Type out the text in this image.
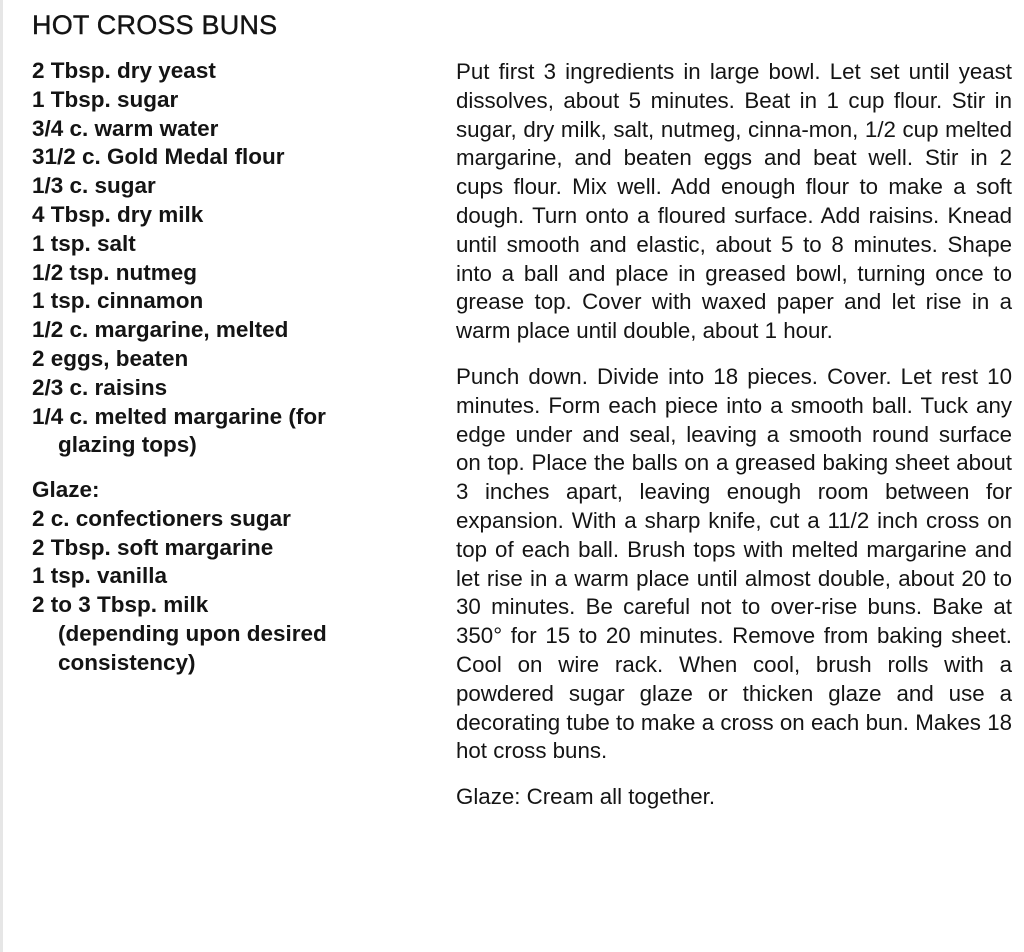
HOT CROSS BUNS
2 Tbsp. dry yeast
1 Tbsp. sugar
3/4 c. warm water
31/2 c. Gold Medal flour
1/3 c. sugar
4 Tbsp. dry milk
1 tsp. salt
1/2 tsp. nutmeg
1 tsp. cinnamon
1/2 c. margarine, melted
2 eggs, beaten
2/3 c. raisins
1/4 c. melted margarine (for
glazing tops)

Glaze:

2 c. confectioners sugar
2 Tbsp. soft margarine
1 tsp. vanilla
2 to 3 Tbsp. milk
(depending upon desired
consistency)

Put first 3 ingredients in large bowl. Let set until yeast dissolves, about 5 minutes. Beat in 1 cup flour. Stir in sugar, dry milk, salt, nutmeg, cinna-mon, 1/2 cup melted margarine, and beaten eggs and beat well. Stir in 2 cups flour. Mix well. Add enough flour to make a soft dough. Turn onto a floured surface. Add raisins. Knead until smooth and elastic, about 5 to 8 minutes. Shape into a ball and place in greased bowl, turning once to grease top. Cover with waxed paper and let rise in a warm place until double, about 1 hour.

Punch down. Divide into 18 pieces. Cover. Let rest 10 minutes. Form each piece into a smooth ball. Tuck any edge under and seal, leaving a smooth round surface on top. Place the balls on a greased baking sheet about 3 inches apart, leaving enough room between for expansion. With a sharp knife, cut a 11/2 inch cross on top of each ball. Brush tops with melted margarine and let rise in a warm place until almost double, about 20 to 30 minutes. Be careful not to over-rise buns. Bake at 350° for 15 to 20 minutes. Remove from baking sheet. Cool on wire rack. When cool, brush rolls with a powdered sugar glaze or thicken glaze and use a decorating tube to make a cross on each bun. Makes 18 hot cross buns.

Glaze: Cream all together.
